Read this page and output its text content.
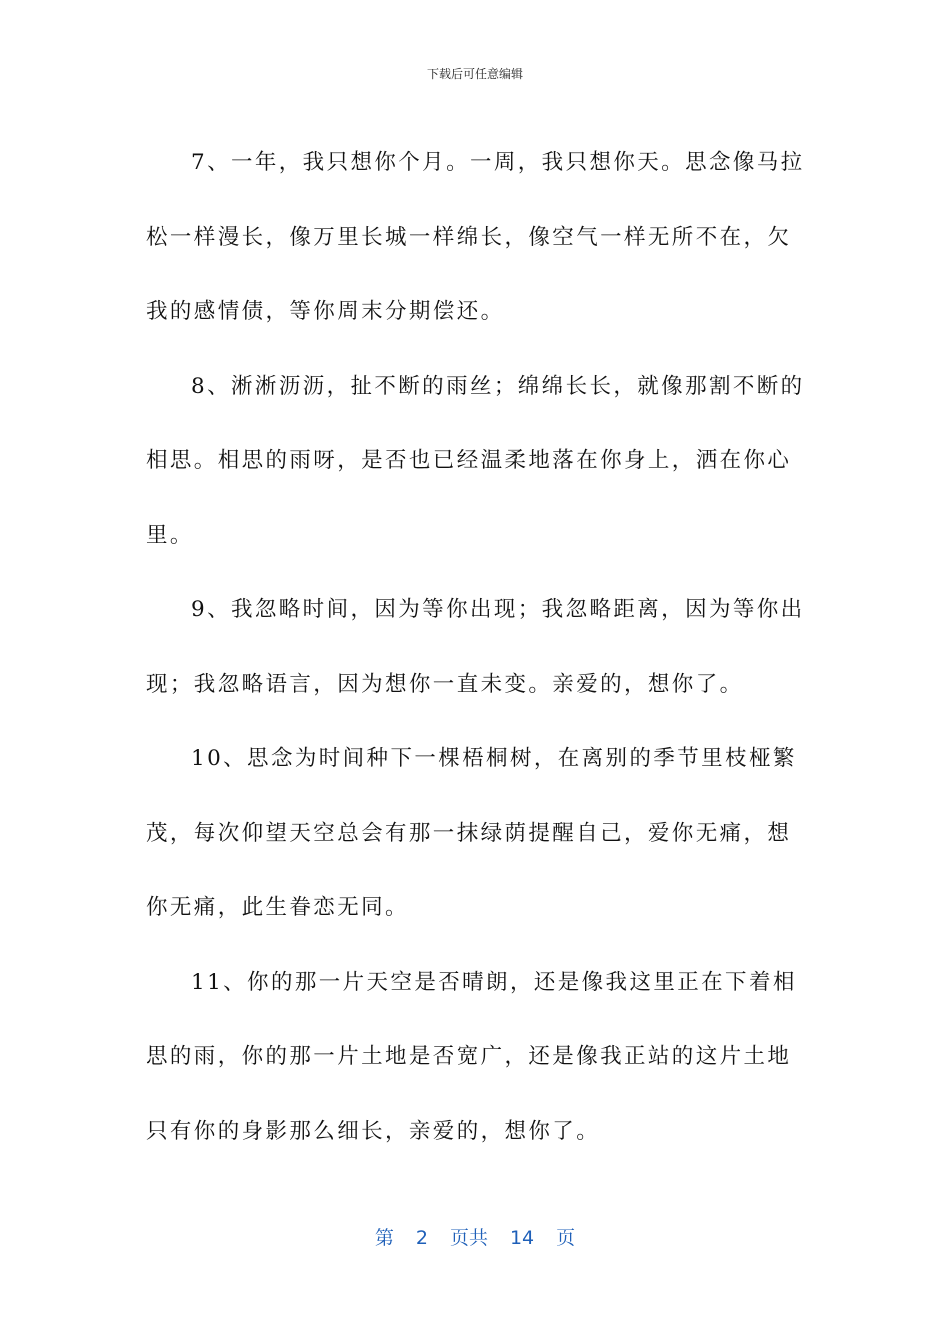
下载后可任意编辑

7、一年，我只想你个月。一周，我只想你天。思念像马拉
松一样漫长，像万里长城一样绵长，像空气一样无所不在，欠
我的感情债，等你周末分期偿还。

8、淅淅沥沥，扯不断的雨丝；绵绵长长，就像那割不断的
相思。相思的雨呀，是否也已经温柔地落在你身上，洒在你心
里。

9、我忽略时间，因为等你出现；我忽略距离，因为等你出
现；我忽略语言，因为想你一直未变。亲爱的，想你了。

10、思念为时间种下一棵梧桐树，在离别的季节里枝桠繁
茂，每次仰望天空总会有那一抹绿荫提醒自己，爱你无痛，想
你无痛，此生眷恋无同。

11、你的那一片天空是否晴朗，还是像我这里正在下着相
思的雨，你的那一片土地是否宽广，还是像我正站的这片土地
只有你的身影那么细长，亲爱的，想你了。

第 2 页共 14 页
